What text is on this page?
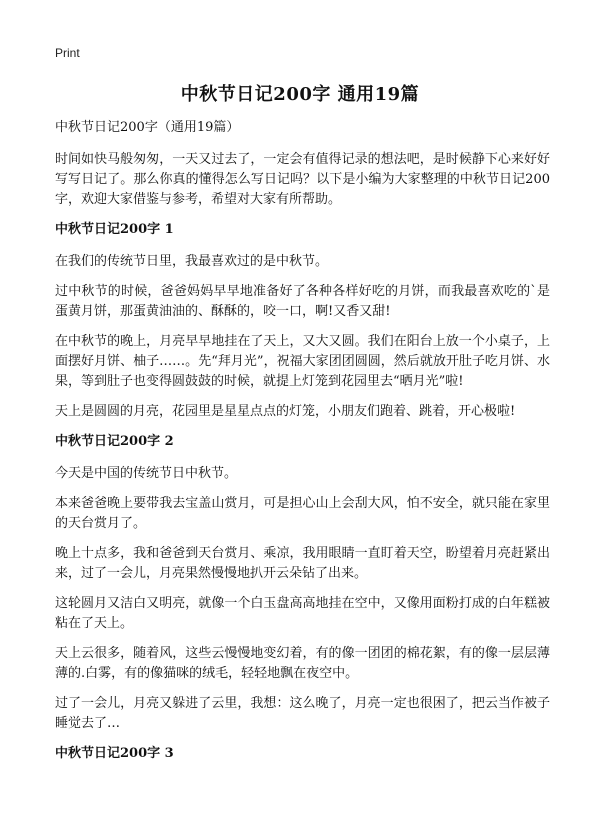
Print
中秋节日记200字 通用19篇

中秋节日记200字（通用19篇）

时间如快马般匆匆，一天又过去了，一定会有值得记录的想法吧，是时候静下心来好好写写日记了。那么你真的懂得怎么写日记吗？以下是小编为大家整理的中秋节日记200字，欢迎大家借鉴与参考，希望对大家有所帮助。

中秋节日记200字 1

在我们的传统节日里，我最喜欢过的是中秋节。

过中秋节的时候，爸爸妈妈早早地准备好了各种各样好吃的月饼，而我最喜欢吃的`是蛋黄月饼，那蛋黄油油的、酥酥的，咬一口，啊!又香又甜!

在中秋节的晚上，月亮早早地挂在了天上，又大又圆。我们在阳台上放一个小桌子，上面摆好月饼、柚子……。先“拜月光”，祝福大家团团圆圆，然后就放开肚子吃月饼、水果，等到肚子也变得圆鼓鼓的时候，就提上灯笼到花园里去“晒月光”啦!

天上是圆圆的月亮，花园里是星星点点的灯笼，小朋友们跑着、跳着，开心极啦!

中秋节日记200字 2

今天是中国的传统节日中秋节。

本来爸爸晚上要带我去宝盖山赏月，可是担心山上会刮大风，怕不安全，就只能在家里的天台赏月了。

晚上十点多，我和爸爸到天台赏月、乘凉，我用眼睛一直盯着天空，盼望着月亮赶紧出来，过了一会儿，月亮果然慢慢地扒开云朵钻了出来。

这轮圆月又洁白又明亮，就像一个白玉盘高高地挂在空中，又像用面粉打成的白年糕被粘在了天上。

天上云很多，随着风，这些云慢慢地变幻着，有的像一团团的棉花絮，有的像一层层薄薄的.白雾，有的像猫咪的绒毛，轻轻地飘在夜空中。

过了一会儿，月亮又躲进了云里，我想：这么晚了，月亮一定也很困了，把云当作被子睡觉去了…

中秋节日记200字 3
